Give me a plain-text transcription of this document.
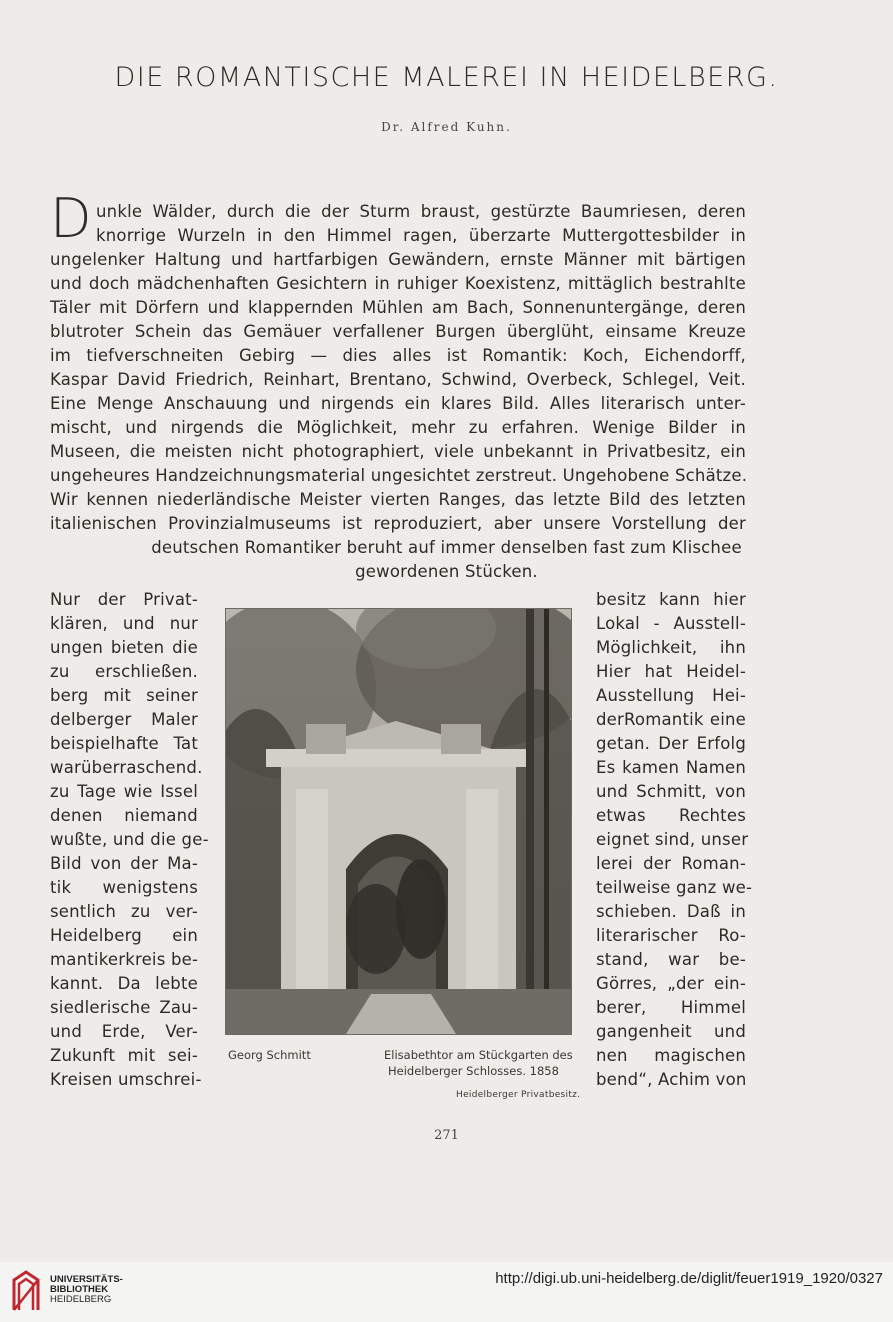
DIE ROMANTISCHE MALEREI IN HEIDELBERG.
Dr. Alfred Kuhn.
D unkle Wälder, durch die der Sturm braust, gestürzte Baumriesen, deren
knorrige Wurzeln in den Himmel ragen, überzarte Muttergottesbilder in
ungelenker Haltung und hartfarbigen Gewändern, ernste Männer mit bärtigen
und doch mädchenhaften Gesichtern in ruhiger Koexistenz, mittäglich bestrahlte
Täler mit Dörfern und klappernden Mühlen am Bach, Sonnenuntergänge, deren
blutroter Schein das Gemäuer verfallener Burgen überglüht, einsame Kreuze
im tiefverschneiten Gebirg — dies alles ist Romantik: Koch, Eichendorff,
Kaspar David Friedrich, Reinhart, Brentano, Schwind, Overbeck, Schlegel, Veit.
Eine Menge Anschauung und nirgends ein klares Bild. Alles literarisch unter-
mischt, und nirgends die Möglichkeit, mehr zu erfahren. Wenige Bilder in
Museen, die meisten nicht photographiert, viele unbekannt in Privatbesitz, ein
ungeheures Handzeichnungsmaterial ungesichtet zerstreut. Ungehobene Schätze.
Wir kennen niederländische Meister vierten Ranges, das letzte Bild des letzten
italienischen Provinzialmuseums ist reproduziert, aber unsere Vorstellung der
deutschen Romantiker beruht auf immer denselben fast zum Klischee
gewordenen Stücken.
Nur der Privat-
klären, und nur
ungen bieten die
zu erschließen.
berg mit seiner
delberger Maler
beispielhafte Tat
warüberraschend.
zu Tage wie Issel
denen niemand
wußte, und die ge-
Bild von der Ma-
tik wenigstens
sentlich zu ver-
Heidelberg ein
mantikerkreis be-
kannt. Da lebte
siedlerische Zau-
und Erde, Ver-
Zukunft mit sei-
Kreisen umschrei-
besitz kann hier
Lokal - Ausstell-
Möglichkeit, ihn
Hier hat Heidel-
Ausstellung Hei-
derRomantik eine
getan. Der Erfolg
Es kamen Namen
und Schmitt, von
etwas Rechtes
eignet sind, unser
lerei der Roman-
teilweise ganz we-
schieben. Daß in
literarischer Ro-
stand, war be-
Görres, „der ein-
berer, Himmel
gangenheit und
nen magischen
bend“, Achim von
Georg Schmitt	Elisabethtor am Stückgarten des
Heidelberger Schlosses. 1858
Heidelberger Privatbesitz.
271
UNIVERSITÄTS-
BIBLIOTHEK
HEIDELBERG
http://digi.ub.uni-heidelberg.de/diglit/feuer1919_1920/0327
